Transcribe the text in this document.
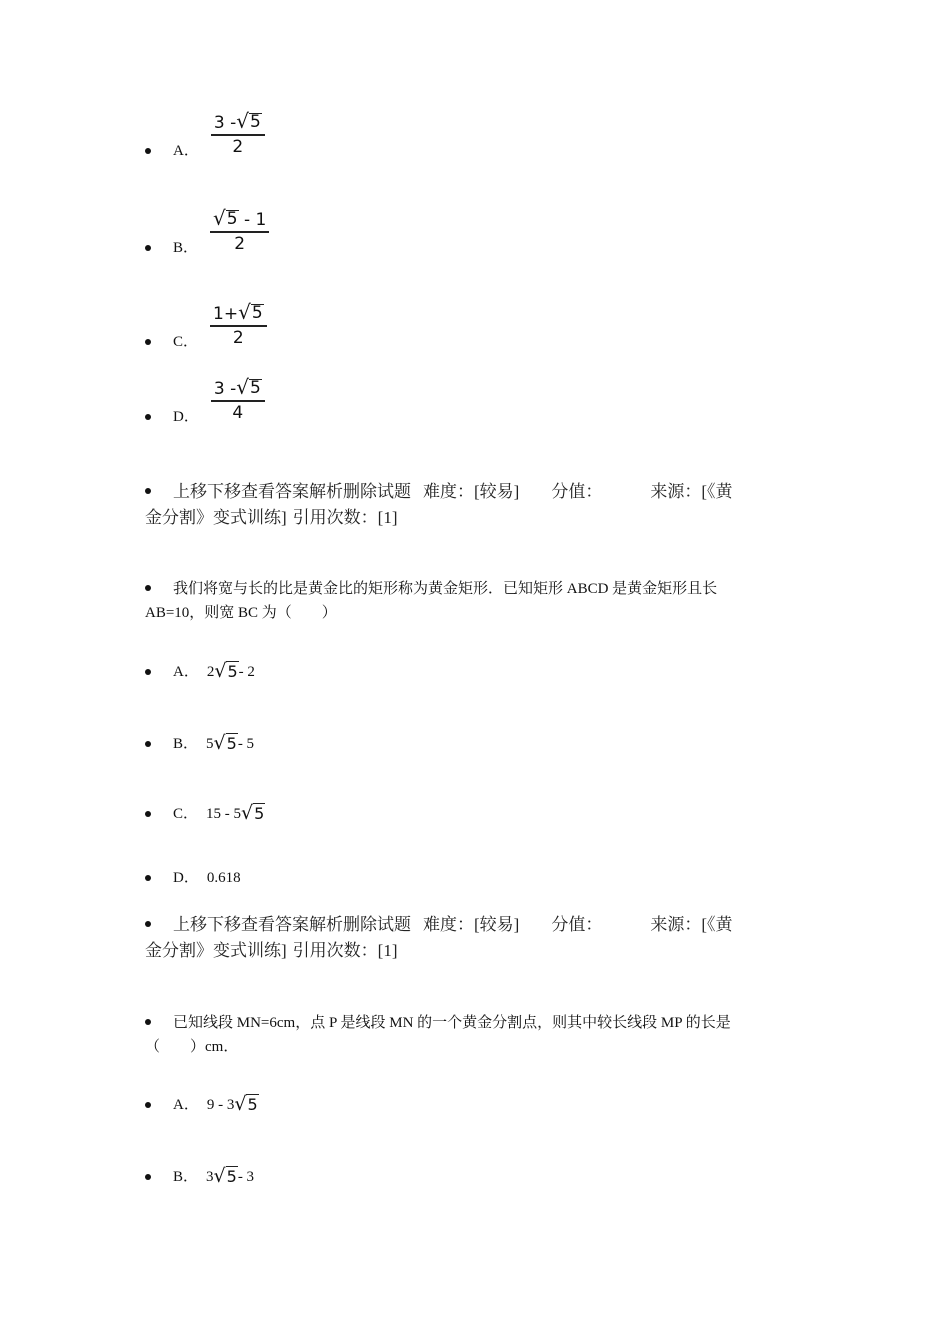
A． $\frac{3 - √ 5}{2}$
B． $\frac{√ 5 - 1}{2}$
C． $\frac{1+ √ 5}{2}$
D． $\frac{3 - √ 5}{4}$
上移下移查看答案解析删除试题 难度：[较易] 分值：	来源：[《黄
金分割》变式训练] 引用次数：[1]
我们将宽与长的比是黄金比的矩形称为黄金矩形．已知矩形 ABCD 是黄金矩形且长
AB=10，则宽 BC 为（　　）
A． 2 √ 5 - 2
B． 5 √ 5 - 5
C． 15 - 5 √ 5
D． 0.618
上移下移查看答案解析删除试题 难度：[较易] 分值：	来源：[《黄
金分割》变式训练] 引用次数：[1]
已知线段 MN=6cm，点 P 是线段 MN 的一个黄金分割点，则其中较长线段 MP 的长是
（　　）cm．
A． 9 - 3 √ 5
B． 3 √ 5 - 3
